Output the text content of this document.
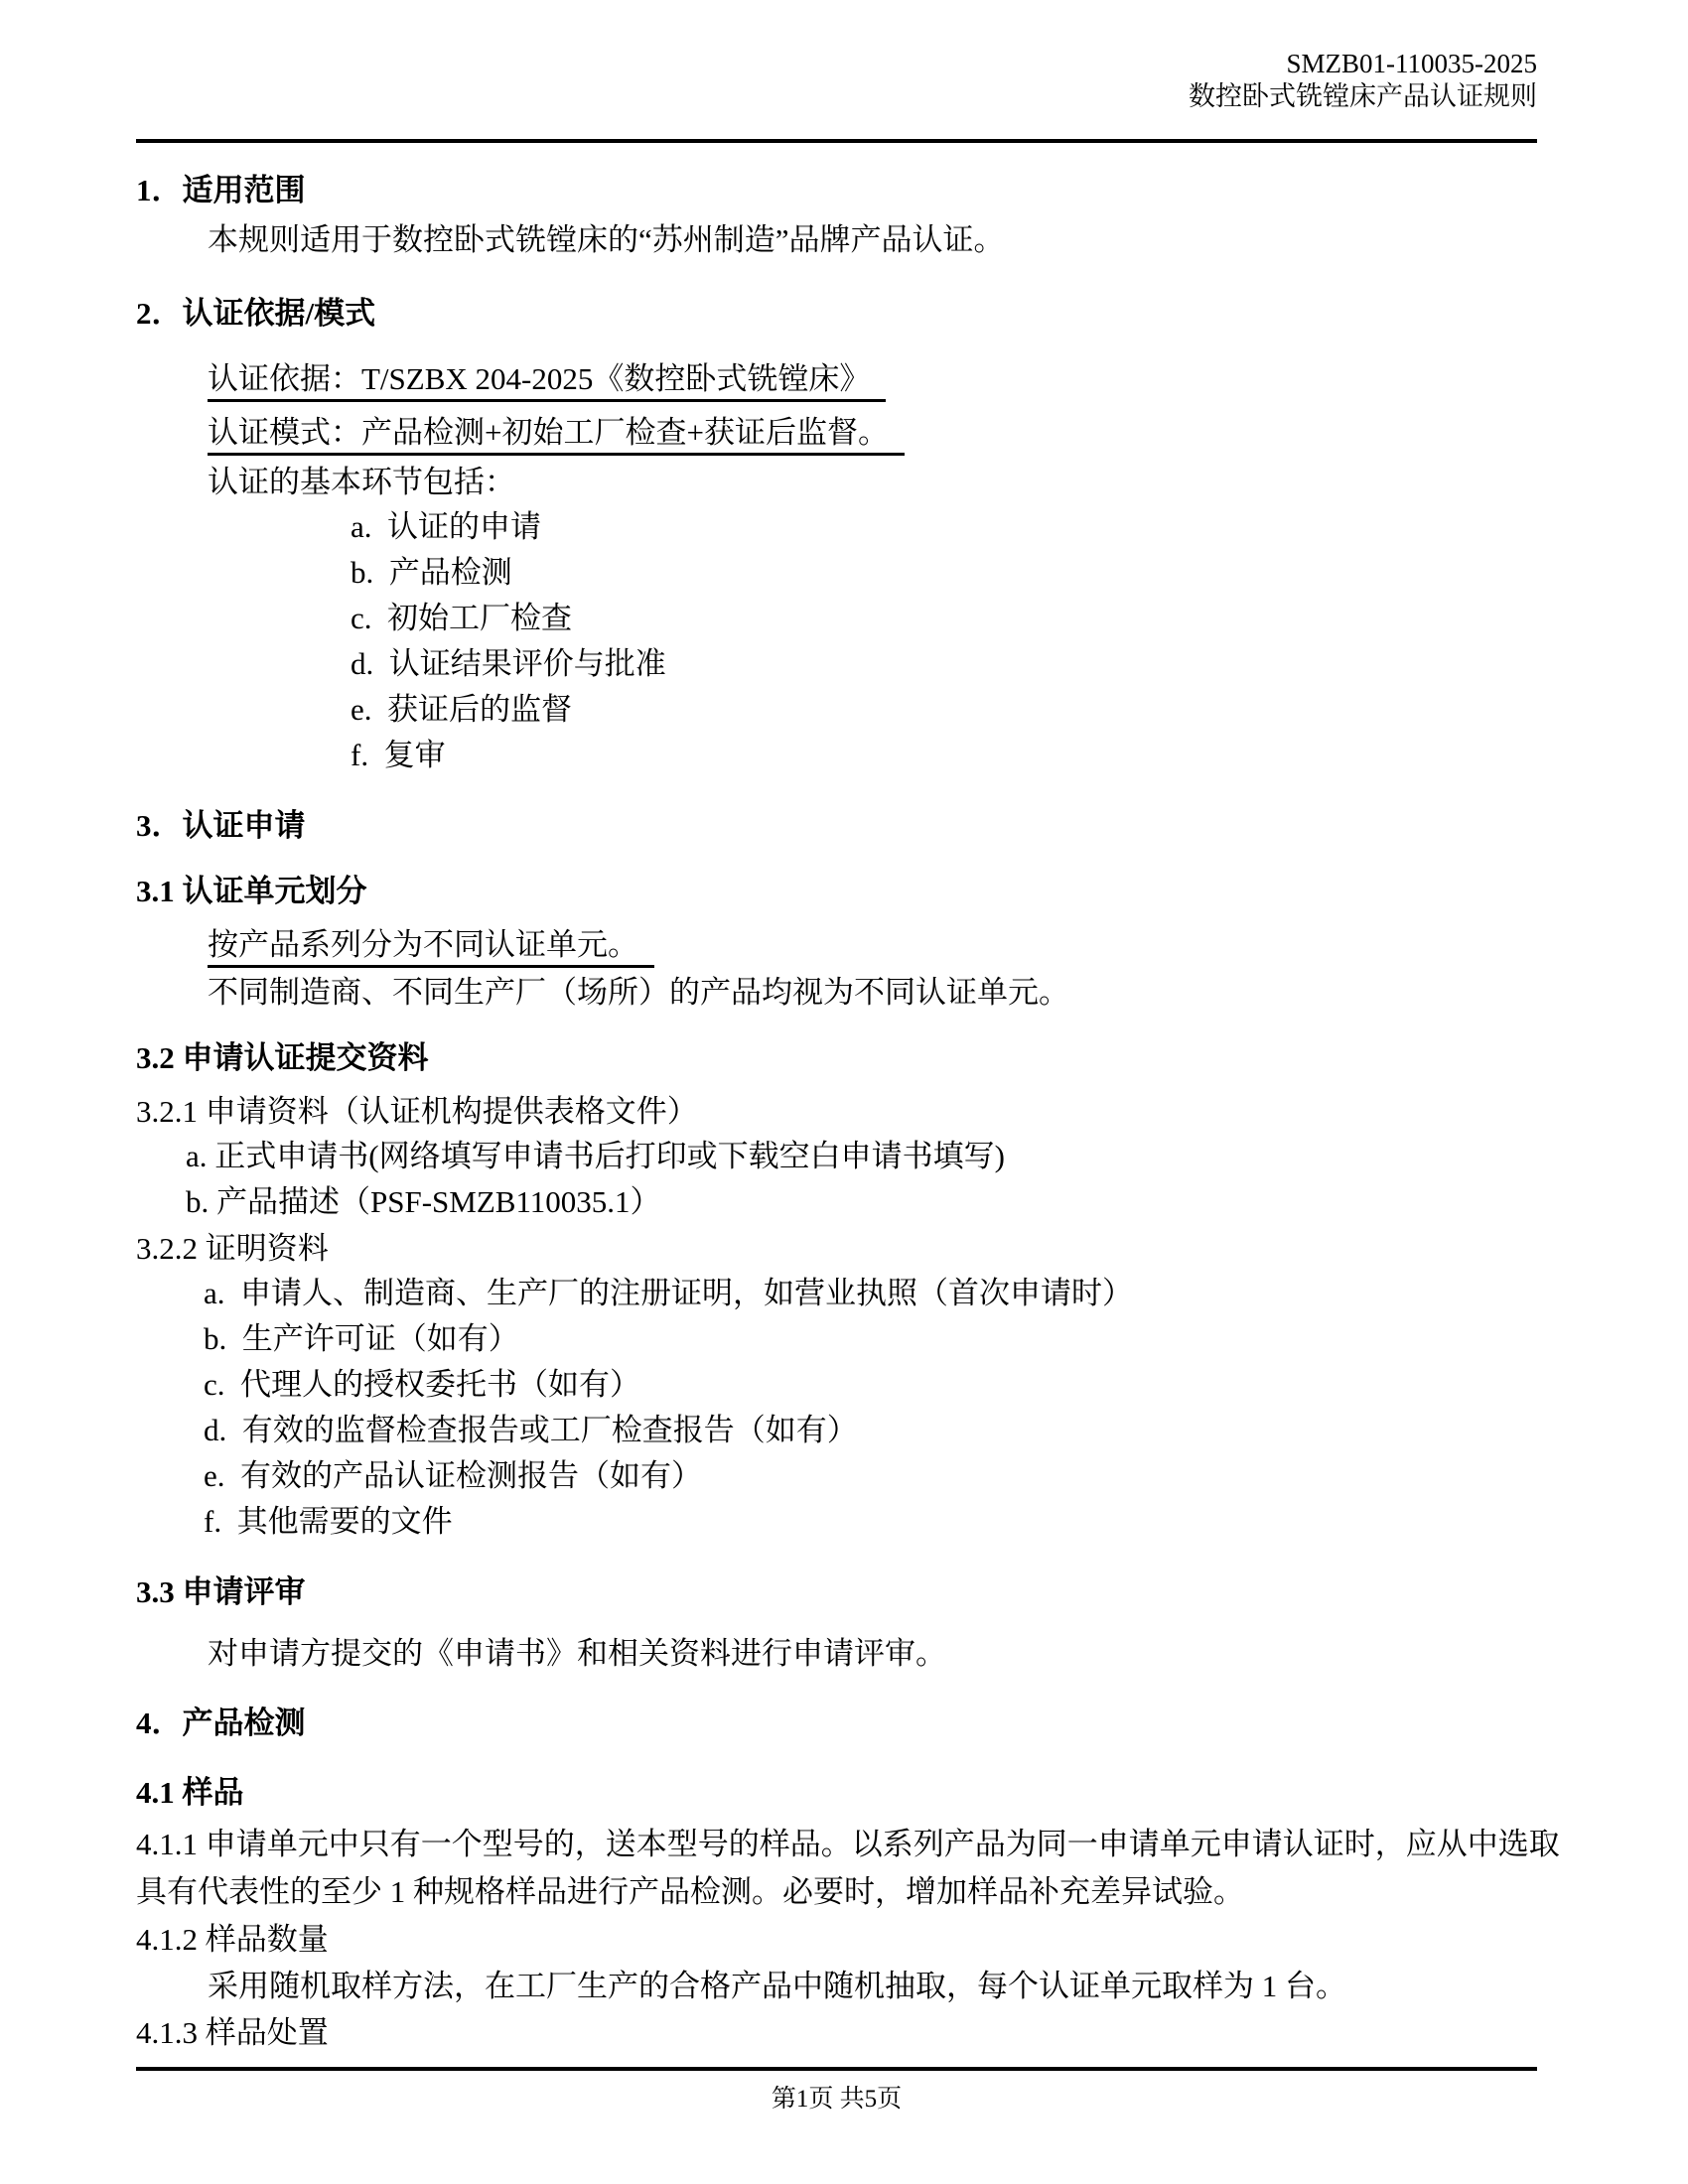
SMZB01-110035-2025
数控卧式铣镗床产品认证规则

1．适用范围

本规则适用于数控卧式铣镗床的“苏州制造”品牌产品认证。

2．认证依据/模式

认证依据：T/SZBX 204-2025《数控卧式铣镗床》

认证模式：产品检测+初始工厂检查+获证后监督。

认证的基本环节包括：

a.  认证的申请
b.  产品检测
c.  初始工厂检查
d.  认证结果评价与批准
e.  获证后的监督
f.  复审

3．认证申请

3.1 认证单元划分

按产品系列分为不同认证单元。

不同制造商、不同生产厂（场所）的产品均视为不同认证单元。

3.2 申请认证提交资料

3.2.1 申请资料（认证机构提供表格文件）

a. 正式申请书(网络填写申请书后打印或下载空白申请书填写)
b. 产品描述（PSF-SMZB110035.1）

3.2.2 证明资料

a.  申请人、制造商、生产厂的注册证明，如营业执照（首次申请时）
b.  生产许可证（如有）
c.  代理人的授权委托书（如有）
d.  有效的监督检查报告或工厂检查报告（如有）
e.  有效的产品认证检测报告（如有）
f.  其他需要的文件

3.3 申请评审

对申请方提交的《申请书》和相关资料进行申请评审。

4．产品检测

4.1 样品

4.1.1 申请单元中只有一个型号的，送本型号的样品。以系列产品为同一申请单元申请认证时，应从中选取具有代表性的至少 1 种规格样品进行产品检测。必要时，增加样品补充差异试验。

4.1.2 样品数量

采用随机取样方法，在工厂生产的合格产品中随机抽取，每个认证单元取样为 1 台。

4.1.3 样品处置

第1页 共5页
